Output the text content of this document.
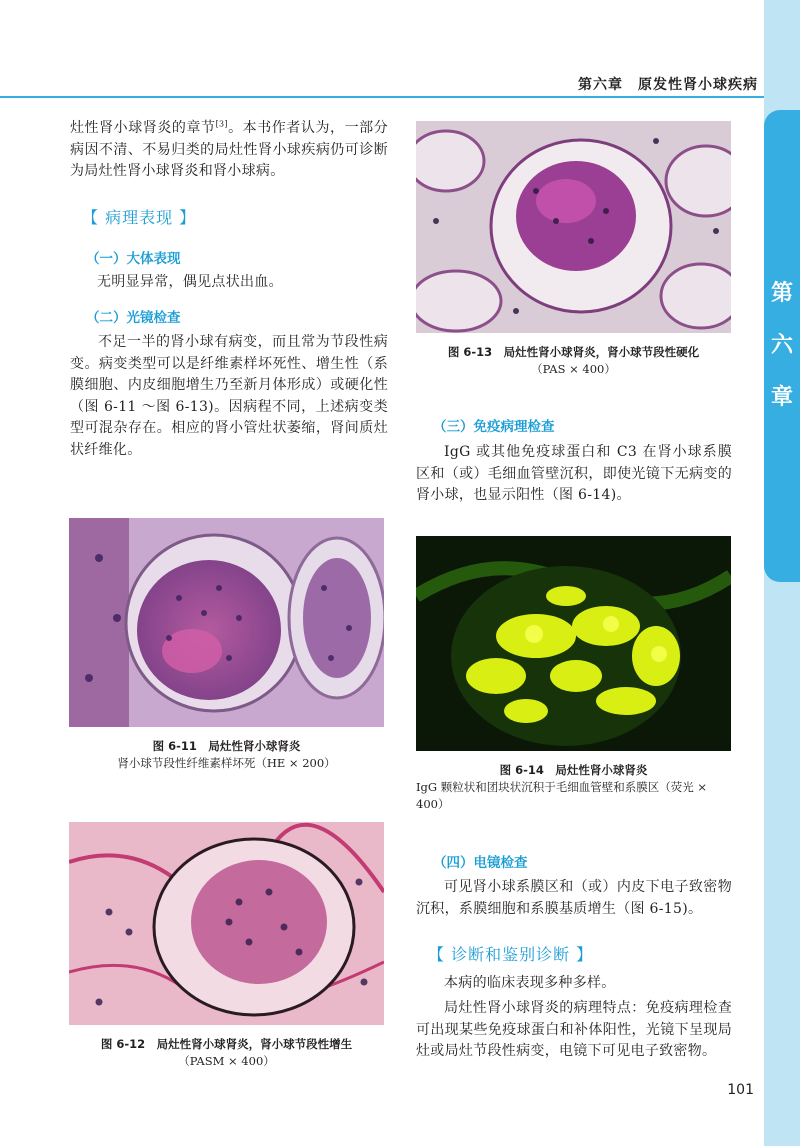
第
六
章
第六章　原发性肾小球疾病
灶性肾小球肾炎的章节[3]。本书作者认为，一部分病因不清、不易归类的局灶性肾小球疾病仍可诊断为局灶性肾小球肾炎和肾小球病。
【 病理表现 】
（一）大体表现
无明显异常，偶见点状出血。
（二）光镜检查
不足一半的肾小球有病变，而且常为节段性病变。病变类型可以是纤维素样坏死性、增生性（系膜细胞、内皮细胞增生乃至新月体形成）或硬化性（图 6-11 ～图 6-13)。因病程不同，上述病变类型可混杂存在。相应的肾小管灶状萎缩，肾间质灶状纤维化。
图 6-11　局灶性肾小球肾炎
肾小球节段性纤维素样坏死（HE × 200）
图 6-12　局灶性肾小球肾炎，肾小球节段性增生
（PASM × 400）
图 6-13　局灶性肾小球肾炎，肾小球节段性硬化
（PAS × 400）
（三）免疫病理检查
IgG 或其他免疫球蛋白和 C3 在肾小球系膜区和（或）毛细血管壁沉积，即使光镜下无病变的肾小球，也显示阳性（图 6-14)。
图 6-14　局灶性肾小球肾炎
IgG 颗粒状和团块状沉积于毛细血管壁和系膜区（荧光 × 400）
（四）电镜检查
可见肾小球系膜区和（或）内皮下电子致密物沉积，系膜细胞和系膜基质增生（图 6-15)。
【 诊断和鉴别诊断 】
本病的临床表现多种多样。
局灶性肾小球肾炎的病理特点：免疫病理检查可出现某些免疫球蛋白和补体阳性，光镜下呈现局灶或局灶节段性病变，电镜下可见电子致密物。
101
